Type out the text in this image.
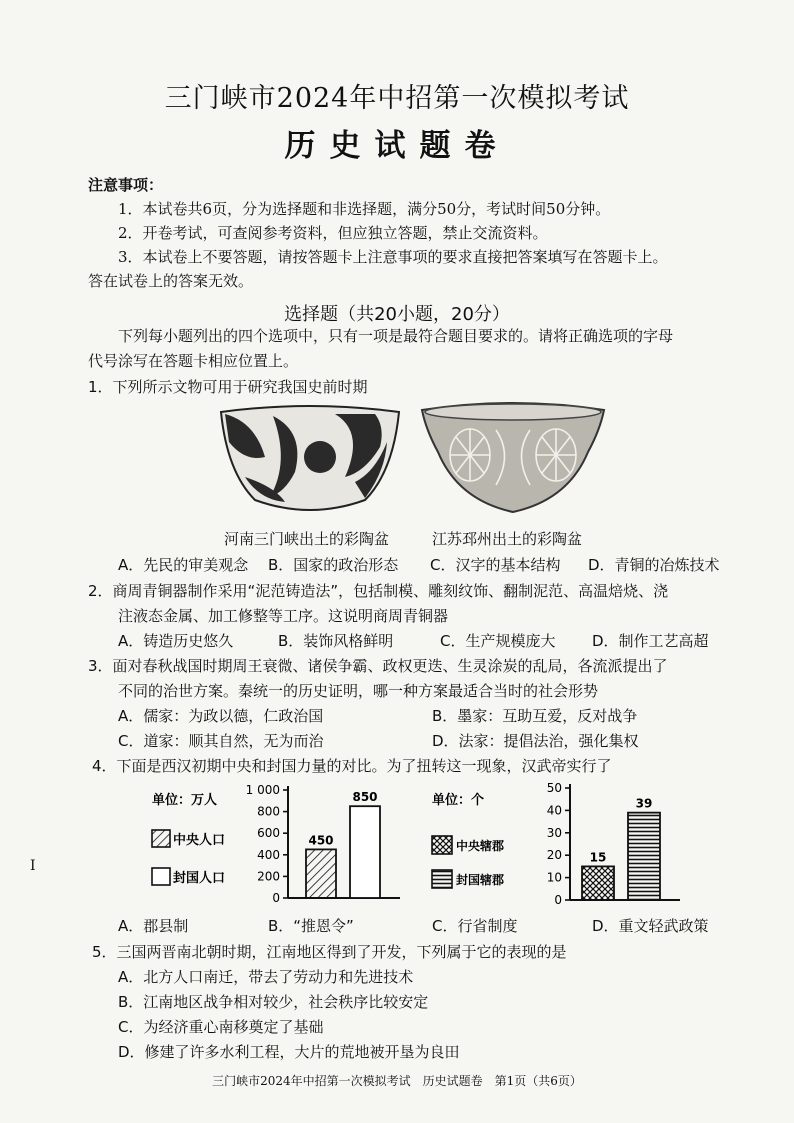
三门峡市2024年中招第一次模拟考试
历史试题卷
注意事项：
1．本试卷共6页，分为选择题和非选择题，满分50分，考试时间50分钟。
2．开卷考试，可查阅参考资料，但应独立答题，禁止交流资料。
3．本试卷上不要答题，请按答题卡上注意事项的要求直接把答案填写在答题卡上。
答在试卷上的答案无效。
选择题（共20小题，20分）
下列每小题列出的四个选项中，只有一项是最符合题目要求的。请将正确选项的字母
代号涂写在答题卡相应位置上。
1．下列所示文物可用于研究我国史前时期
河南三门峡出土的彩陶盆	江苏邳州出土的彩陶盆
A．先民的审美观念 B．国家的政治形态 C．汉字的基本结构 D．青铜的冶炼技术
2．商周青铜器制作采用“泥范铸造法”，包括制模、雕刻纹饰、翻制泥范、高温焙烧、浇
注液态金属、加工修整等工序。这说明商周青铜器
A．铸造历史悠久	B．装饰风格鲜明	C．生产规模庞大 D．制作工艺高超
3．面对春秋战国时期周王衰微、诸侯争霸、政权更迭、生灵涂炭的乱局，各流派提出了
不同的治世方案。秦统一的历史证明，哪一种方案最适合当时的社会形势
A．儒家：为政以德，仁政治国	B．墨家：互助互爱，反对战争
C．道家：顺其自然，无为而治	D．法家：提倡法治，强化集权
4．下面是西汉初期中央和封国力量的对比。为了扭转这一现象，汉武帝实行了
单位：万人
中央人口
封国人口
0
200
400
600
800
1 000
450
850	单位：个
中央辖郡
封国辖郡
0
10
20
30
40
50
15
39
A．郡县制	B．“推恩令”	C．行省制度	D．重文轻武政策
5．三国两晋南北朝时期，江南地区得到了开发，下列属于它的表现的是
A．北方人口南迁，带去了劳动力和先进技术
B．江南地区战争相对较少，社会秩序比较安定
C．为经济重心南移奠定了基础
D．修建了许多水利工程，大片的荒地被开垦为良田
I
三门峡市2024年中招第一次模拟考试　历史试题卷　第1页（共6页）
